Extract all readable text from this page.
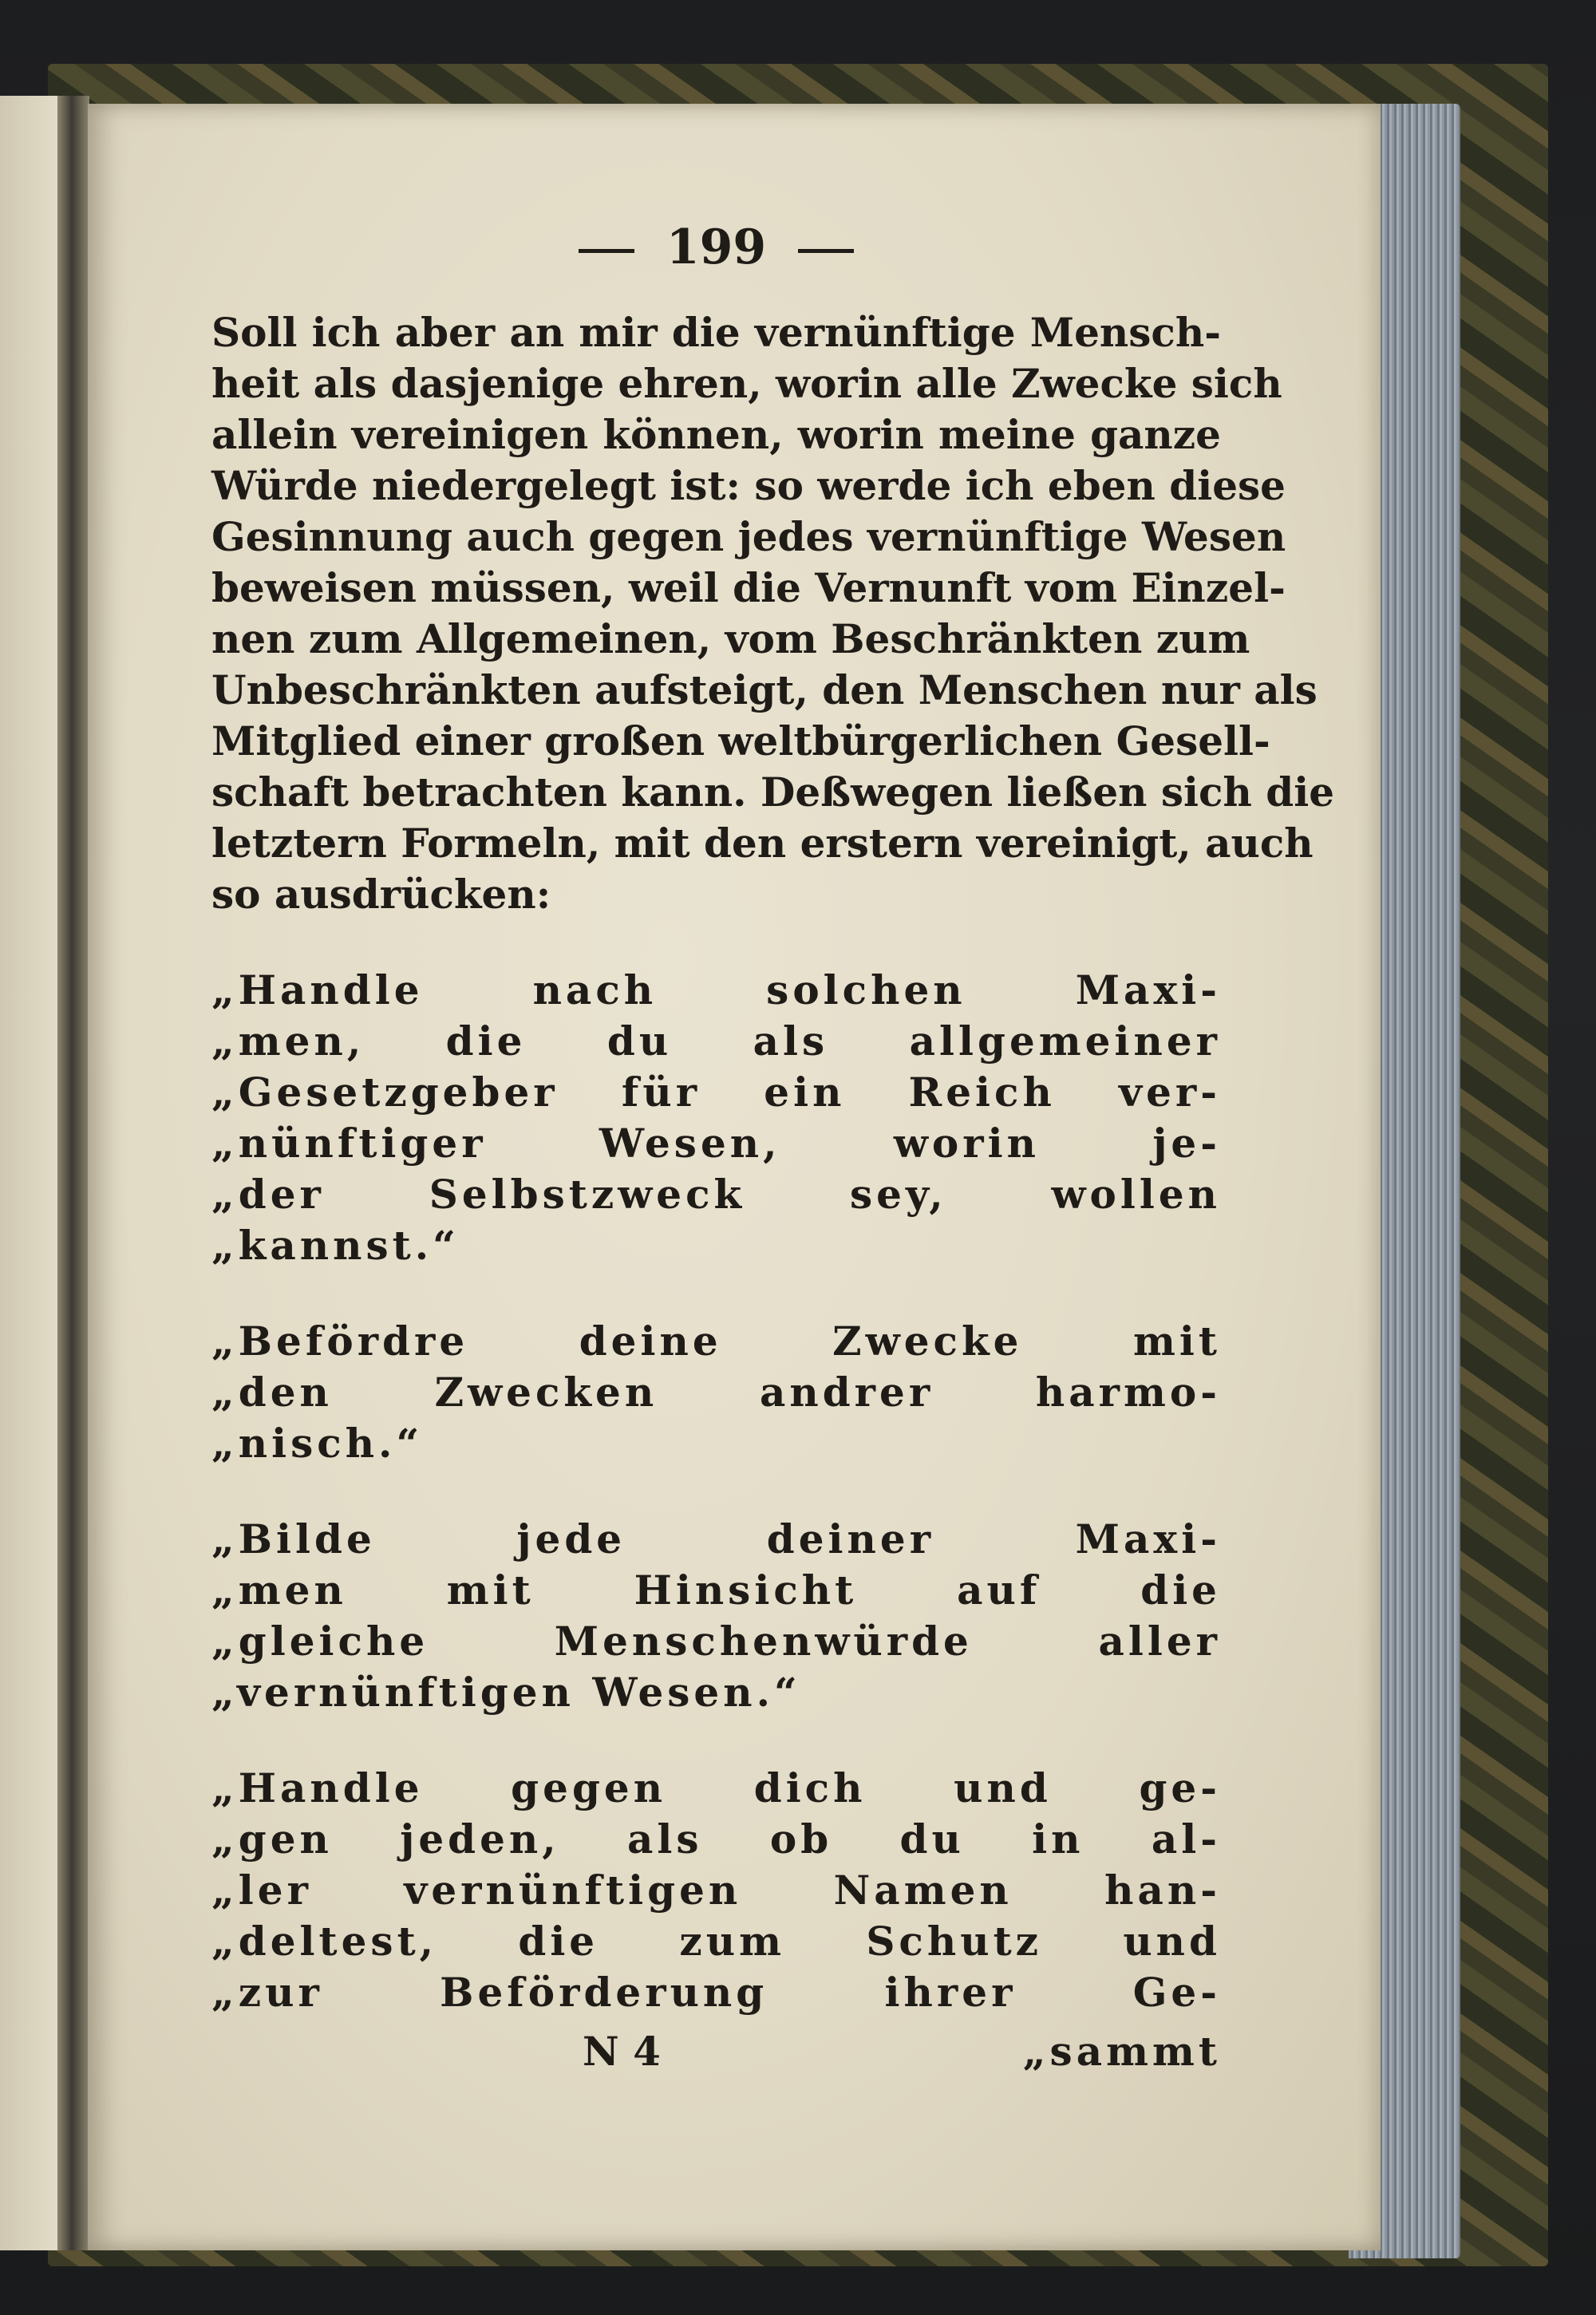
199
Soll ich aber an mir die vernünftige Mensch-
heit als dasjenige ehren, worin alle Zwecke sich
allein vereinigen können, worin meine ganze
Würde niedergelegt ist: so werde ich eben diese
Gesinnung auch gegen jedes vernünftige Wesen
beweisen müssen, weil die Vernunft vom Einzel-
nen zum Allgemeinen, vom Beschränkten zum
Unbeschränkten aufsteigt, den Menschen nur als
Mitglied einer großen weltbürgerlichen Gesell-
schaft betrachten kann. Deßwegen ließen sich die
letztern Formeln, mit den erstern vereinigt, auch
so ausdrücken:
„Handle nach solchen Maxi-
„men, die du als allgemeiner
„Gesetzgeber für ein Reich ver-
„nünftiger Wesen, worin je-
„der Selbstzweck sey, wollen
„kannst.“
„Befördre deine Zwecke mit
„den Zwecken andrer harmo-
„nisch.“
„Bilde jede deiner Maxi-
„men mit Hinsicht auf die
„gleiche Menschenwürde aller
„vernünftigen Wesen.“
„Handle gegen dich und ge-
„gen jeden, als ob du in al-
„ler vernünftigen Namen han-
„deltest, die zum Schutz und
„zur Beförderung ihrer Ge-
N 4	„sammt
